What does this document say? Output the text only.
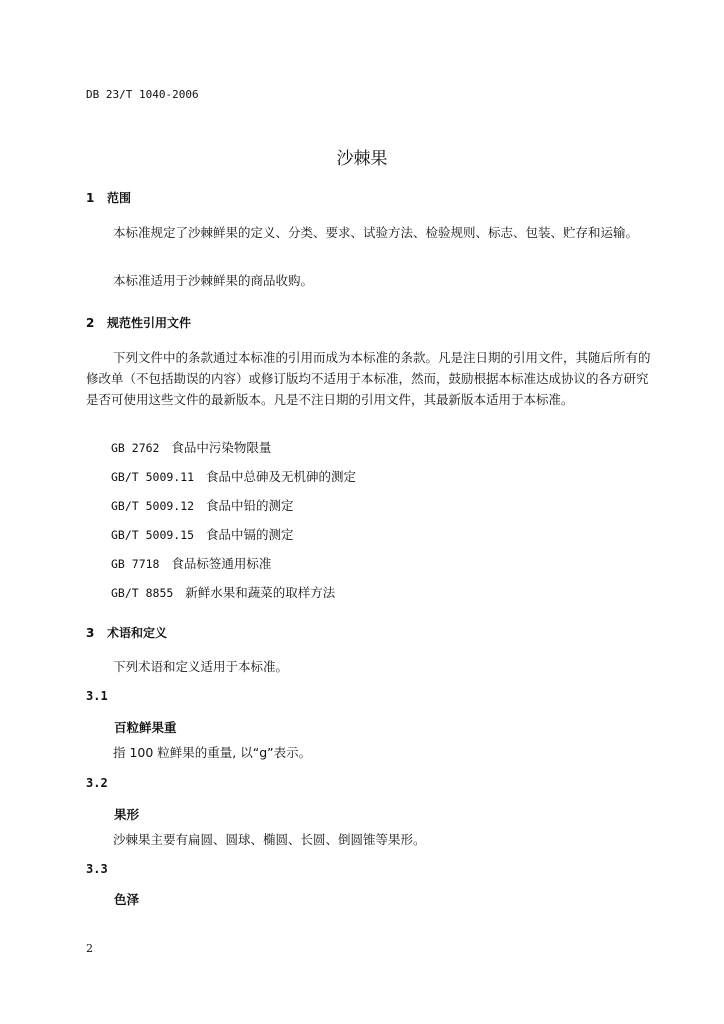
DB 23/T 1040-2006
沙棘果
1 范围
本标准规定了沙棘鲜果的定义、分类、要求、试验方法、检验规则、标志、包装、贮存和运输。
本标准适用于沙棘鲜果的商品收购。
2 规范性引用文件
下列文件中的条款通过本标准的引用而成为本标准的条款。凡是注日期的引用文件，其随后所有的修改单（不包括勘误的内容）或修订版均不适用于本标准，然而，鼓励根据本标准达成协议的各方研究是否可使用这些文件的最新版本。凡是不注日期的引用文件，其最新版本适用于本标准。
GB 2762 食品中污染物限量
GB/T 5009.11 食品中总砷及无机砷的测定
GB/T 5009.12 食品中铅的测定
GB/T 5009.15 食品中镉的测定
GB 7718 食品标签通用标准
GB/T 8855 新鲜水果和蔬菜的取样方法
3 术语和定义
下列术语和定义适用于本标准。
3.1
百粒鲜果重
指 100 粒鲜果的重量, 以“g”表示。
3.2
果形
沙棘果主要有扁圆、圆球、椭圆、长圆、倒圆锥等果形。
3.3
色泽
2
